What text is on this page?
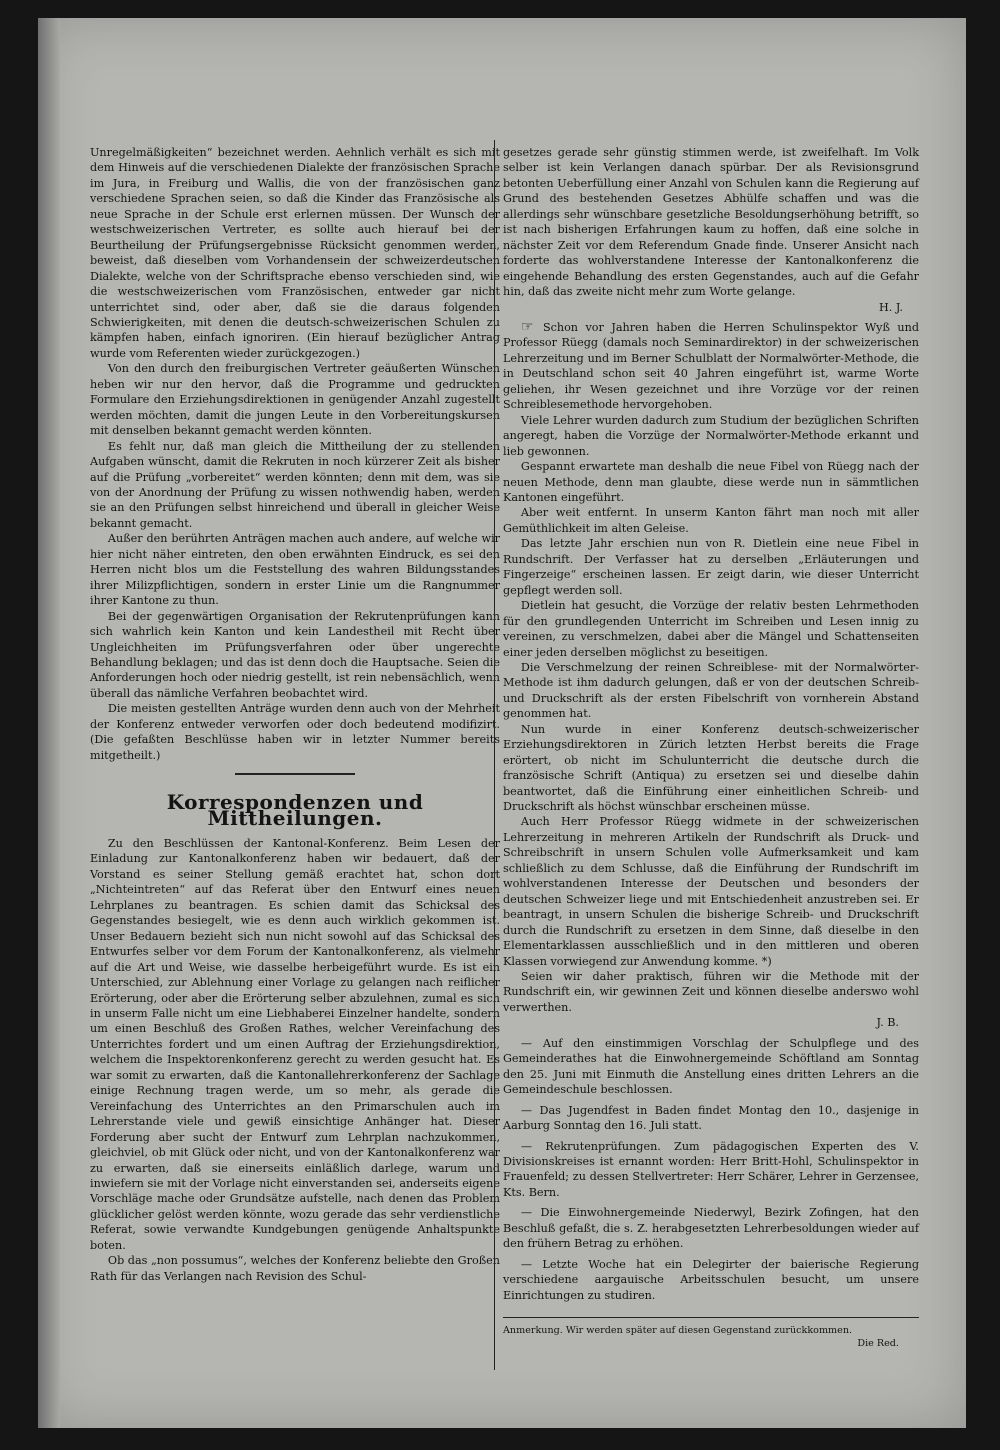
Unregelmäßigkeiten“ bezeichnet werden. Aehnlich verhält es sich mit dem Hinweis auf die verschiedenen Dialekte der französischen Sprache im Jura, in Freiburg und Wallis, die von der französischen ganz verschiedene Sprachen seien, so daß die Kinder das Französische als neue Sprache in der Schule erst erlernen müssen. Der Wunsch der westschweizerischen Vertreter, es sollte auch hierauf bei der Beurtheilung der Prüfungsergebnisse Rücksicht genommen werden, beweist, daß dieselben vom Vorhandensein der schweizerdeutschen Dialekte, welche von der Schriftsprache ebenso verschieden sind, wie die westschweizerischen vom Französischen, entweder gar nicht unterrichtet sind, oder aber, daß sie die daraus folgenden Schwierigkeiten, mit denen die deutsch-schweizerischen Schulen zu kämpfen haben, einfach ignoriren. (Ein hierauf bezüglicher Antrag wurde vom Referenten wieder zurückgezogen.)

Von den durch den freiburgischen Vertreter geäußerten Wünschen heben wir nur den hervor, daß die Programme und gedruckten Formulare den Erziehungsdirektionen in genügender Anzahl zugestellt werden möchten, damit die jungen Leute in den Vorbereitungskursen mit denselben bekannt gemacht werden könnten.

Es fehlt nur, daß man gleich die Mittheilung der zu stellenden Aufgaben wünscht, damit die Rekruten in noch kürzerer Zeit als bisher auf die Prüfung „vorbereitet“ werden könnten; denn mit dem, was sie von der Anordnung der Prüfung zu wissen nothwendig haben, werden sie an den Prüfungen selbst hinreichend und überall in gleicher Weise bekannt gemacht.

Außer den berührten Anträgen machen auch andere, auf welche wir hier nicht näher eintreten, den oben erwähnten Eindruck, es sei den Herren nicht blos um die Feststellung des wahren Bildungsstandes ihrer Milizpflichtigen, sondern in erster Linie um die Rangnummer ihrer Kantone zu thun.

Bei der gegenwärtigen Organisation der Rekrutenprüfungen kann sich wahrlich kein Kanton und kein Landestheil mit Recht über Ungleichheiten im Prüfungsverfahren oder über ungerechte Behandlung beklagen; und das ist denn doch die Hauptsache. Seien die Anforderungen hoch oder niedrig gestellt, ist rein nebensächlich, wenn überall das nämliche Verfahren beobachtet wird.

Die meisten gestellten Anträge wurden denn auch von der Mehrheit der Konferenz entweder verworfen oder doch bedeutend modifizirt. (Die gefaßten Beschlüsse haben wir in letzter Nummer bereits mitgetheilt.)

Korrespondenzen und Mittheilungen.

Zu den Beschlüssen der Kantonal-Konferenz. Beim Lesen der Einladung zur Kantonalkonferenz haben wir bedauert, daß der Vorstand es seiner Stellung gemäß erachtet hat, schon dort „Nichteintreten“ auf das Referat über den Entwurf eines neuen Lehrplanes zu beantragen. Es schien damit das Schicksal des Gegenstandes besiegelt, wie es denn auch wirklich gekommen ist. Unser Bedauern bezieht sich nun nicht sowohl auf das Schicksal des Entwurfes selber vor dem Forum der Kantonalkonferenz, als vielmehr auf die Art und Weise, wie dasselbe herbeigeführt wurde. Es ist ein Unterschied, zur Ablehnung einer Vorlage zu gelangen nach reiflicher Erörterung, oder aber die Erörterung selber abzulehnen, zumal es sich in unserm Falle nicht um eine Liebhaberei Einzelner handelte, sondern um einen Beschluß des Großen Rathes, welcher Vereinfachung des Unterrichtes fordert und um einen Auftrag der Erziehungsdirektion, welchem die Inspektorenkonferenz gerecht zu werden gesucht hat. Es war somit zu erwarten, daß die Kantonallehrerkonferenz der Sachlage einige Rechnung tragen werde, um so mehr, als gerade die Vereinfachung des Unterrichtes an den Primarschulen auch im Lehrerstande viele und gewiß einsichtige Anhänger hat. Dieser Forderung aber sucht der Entwurf zum Lehrplan nachzukommen, gleichviel, ob mit Glück oder nicht, und von der Kantonalkonferenz war zu erwarten, daß sie einerseits einläßlich darlege, warum und inwiefern sie mit der Vorlage nicht einverstanden sei, anderseits eigene Vorschläge mache oder Grundsätze aufstelle, nach denen das Problem glücklicher gelöst werden könnte, wozu gerade das sehr verdienstliche Referat, sowie verwandte Kundgebungen genügende Anhaltspunkte boten.

Ob das „non possumus“, welches der Konferenz beliebte den Großen Rath für das Verlangen nach Revision des Schul-

gesetzes gerade sehr günstig stimmen werde, ist zweifelhaft. Im Volk selber ist kein Verlangen danach spürbar. Der als Revisionsgrund betonten Ueberfüllung einer Anzahl von Schulen kann die Regierung auf Grund des bestehenden Gesetzes Abhülfe schaffen und was die allerdings sehr wünschbare gesetzliche Besoldungserhöhung betrifft, so ist nach bisherigen Erfahrungen kaum zu hoffen, daß eine solche in nächster Zeit vor dem Referendum Gnade finde. Unserer Ansicht nach forderte das wohlverstandene Interesse der Kantonalkonferenz die eingehende Behandlung des ersten Gegenstandes, auch auf die Gefahr hin, daß das zweite nicht mehr zum Worte gelange.

H. J.

☞ Schon vor Jahren haben die Herren Schulinspektor Wyß und Professor Rüegg (damals noch Seminardirektor) in der schweizerischen Lehrerzeitung und im Berner Schulblatt der Normalwörter-Methode, die in Deutschland schon seit 40 Jahren eingeführt ist, warme Worte geliehen, ihr Wesen gezeichnet und ihre Vorzüge vor der reinen Schreiblesemethode hervorgehoben.

Viele Lehrer wurden dadurch zum Studium der bezüglichen Schriften angeregt, haben die Vorzüge der Normalwörter-Methode erkannt und lieb gewonnen.

Gespannt erwartete man deshalb die neue Fibel von Rüegg nach der neuen Methode, denn man glaubte, diese werde nun in sämmtlichen Kantonen eingeführt.

Aber weit entfernt. In unserm Kanton fährt man noch mit aller Gemüthlichkeit im alten Geleise.

Das letzte Jahr erschien nun von R. Dietlein eine neue Fibel in Rundschrift. Der Verfasser hat zu derselben „Erläuterungen und Fingerzeige“ erscheinen lassen. Er zeigt darin, wie dieser Unterricht gepflegt werden soll.

Dietlein hat gesucht, die Vorzüge der relativ besten Lehrmethoden für den grundlegenden Unterricht im Schreiben und Lesen innig zu vereinen, zu verschmelzen, dabei aber die Mängel und Schattenseiten einer jeden derselben möglichst zu beseitigen.

Die Verschmelzung der reinen Schreiblese- mit der Normalwörter-Methode ist ihm dadurch gelungen, daß er von der deutschen Schreib- und Druckschrift als der ersten Fibelschrift von vornherein Abstand genommen hat.

Nun wurde in einer Konferenz deutsch-schweizerischer Erziehungsdirektoren in Zürich letzten Herbst bereits die Frage erörtert, ob nicht im Schulunterricht die deutsche durch die französische Schrift (Antiqua) zu ersetzen sei und dieselbe dahin beantwortet, daß die Einführung einer einheitlichen Schreib- und Druckschrift als höchst wünschbar erscheinen müsse.

Auch Herr Professor Rüegg widmete in der schweizerischen Lehrerzeitung in mehreren Artikeln der Rundschrift als Druck- und Schreibschrift in unsern Schulen volle Aufmerksamkeit und kam schließlich zu dem Schlusse, daß die Einführung der Rundschrift im wohlverstandenen Interesse der Deutschen und besonders der deutschen Schweizer liege und mit Entschiedenheit anzustreben sei. Er beantragt, in unsern Schulen die bisherige Schreib- und Druckschrift durch die Rundschrift zu ersetzen in dem Sinne, daß dieselbe in den Elementarklassen ausschließlich und in den mittleren und oberen Klassen vorwiegend zur Anwendung komme. *)

Seien wir daher praktisch, führen wir die Methode mit der Rundschrift ein, wir gewinnen Zeit und können dieselbe anderswo wohl verwerthen.

J. B.

— Auf den einstimmigen Vorschlag der Schulpflege und des Gemeinderathes hat die Einwohnergemeinde Schöftland am Sonntag den 25. Juni mit Einmuth die Anstellung eines dritten Lehrers an die Gemeindeschule beschlossen.

— Das Jugendfest in Baden findet Montag den 10., dasjenige in Aarburg Sonntag den 16. Juli statt.

— Rekrutenprüfungen. Zum pädagogischen Experten des V. Divisionskreises ist ernannt worden: Herr Britt-Hohl, Schulinspektor in Frauenfeld; zu dessen Stellvertreter: Herr Schärer, Lehrer in Gerzensee, Kts. Bern.

— Die Einwohnergemeinde Niederwyl, Bezirk Zofingen, hat den Beschluß gefaßt, die s. Z. herabgesetzten Lehrerbesoldungen wieder auf den frühern Betrag zu erhöhen.

— Letzte Woche hat ein Delegirter der baierische Regierung verschiedene aargauische Arbeitsschulen besucht, um unsere Einrichtungen zu studiren.

Anmerkung. Wir werden später auf diesen Gegenstand zurückkommen.
Die Red.
